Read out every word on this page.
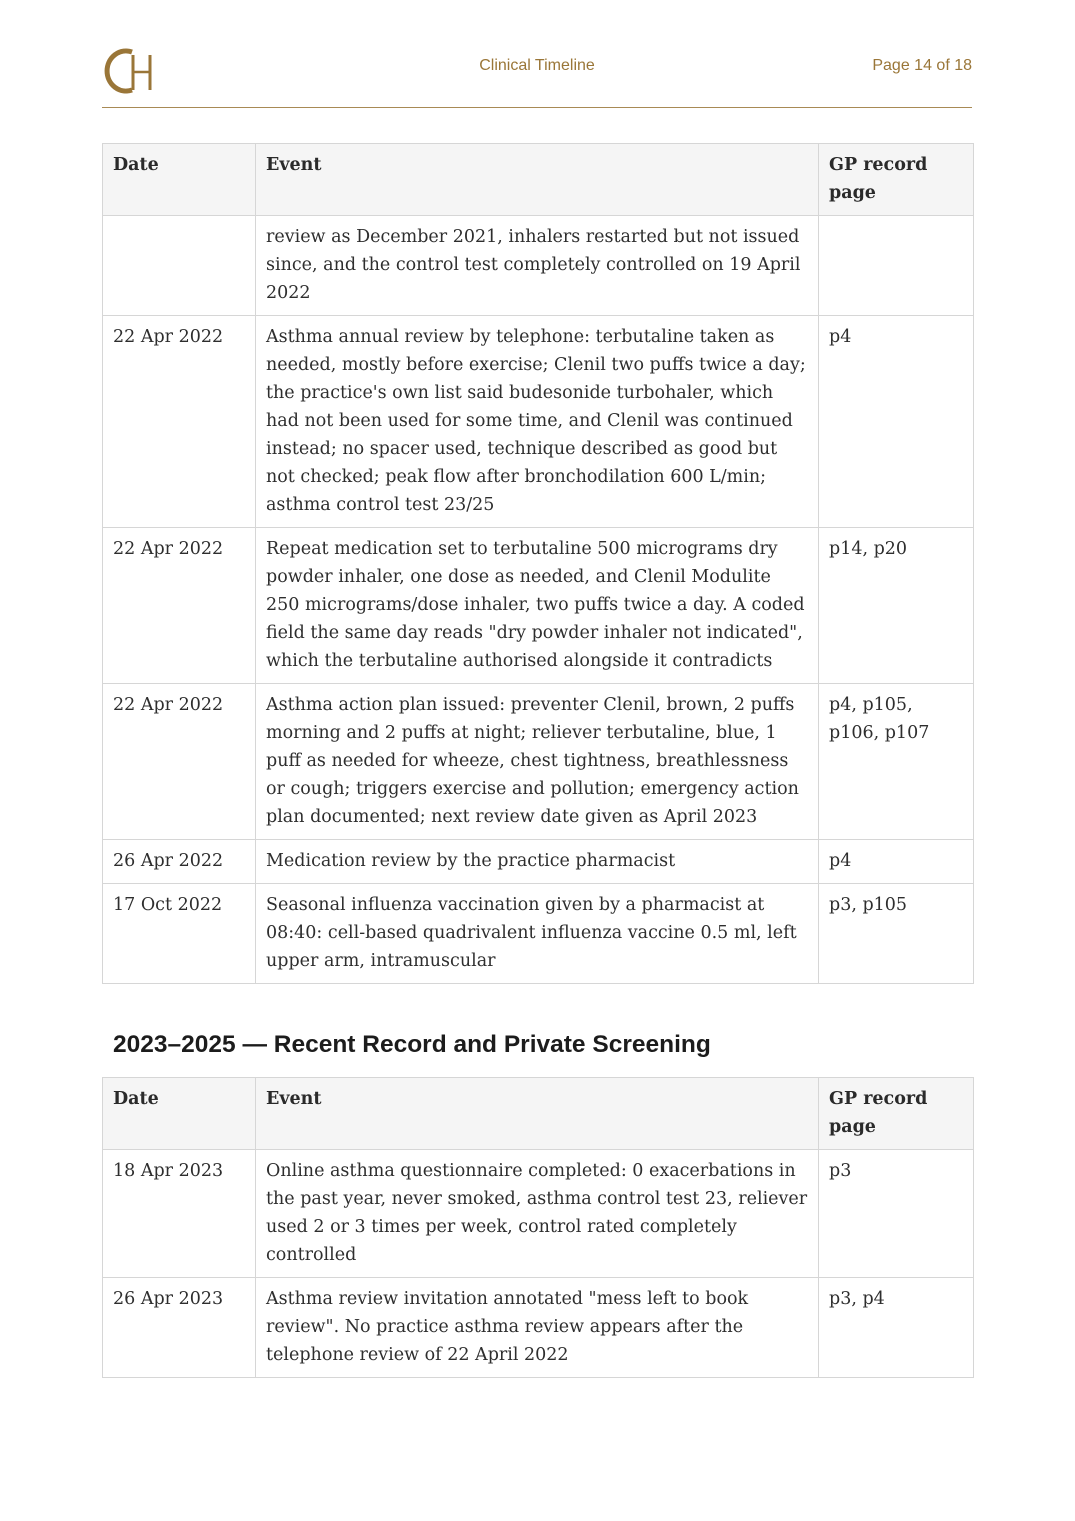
Clinical Timeline	Page 14 of 18
Date	Event	GP record page
	review as December 2021, inhalers restarted but not issued since, and the control test completely controlled on 19 April 2022	
22 Apr 2022	Asthma annual review by telephone: terbutaline taken as needed, mostly before exercise; Clenil two puffs twice a day; the practice's own list said budesonide turbohaler, which had not been used for some time, and Clenil was continued instead; no spacer used, technique described as good but not checked; peak flow after bronchodilation 600 L/min; asthma control test 23/25	p4
22 Apr 2022	Repeat medication set to terbutaline 500 micrograms dry powder inhaler, one dose as needed, and Clenil Modulite 250 micrograms/dose inhaler, two puffs twice a day. A coded field the same day reads "dry powder inhaler not indicated", which the terbutaline authorised alongside it contradicts	p14, p20
22 Apr 2022	Asthma action plan issued: preventer Clenil, brown, 2 puffs morning and 2 puffs at night; reliever terbutaline, blue, 1 puff as needed for wheeze, chest tightness, breathlessness or cough; triggers exercise and pollution; emergency action plan documented; next review date given as April 2023	p4, p105, p106, p107
26 Apr 2022	Medication review by the practice pharmacist	p4
17 Oct 2022	Seasonal influenza vaccination given by a pharmacist at 08:40: cell-based quadrivalent influenza vaccine 0.5 ml, left upper arm, intramuscular	p3, p105
2023–2025 — Recent Record and Private Screening
Date	Event	GP record page
18 Apr 2023	Online asthma questionnaire completed: 0 exacerbations in the past year, never smoked, asthma control test 23, reliever used 2 or 3 times per week, control rated completely controlled	p3
26 Apr 2023	Asthma review invitation annotated "mess left to book review". No practice asthma review appears after the telephone review of 22 April 2022	p3, p4
